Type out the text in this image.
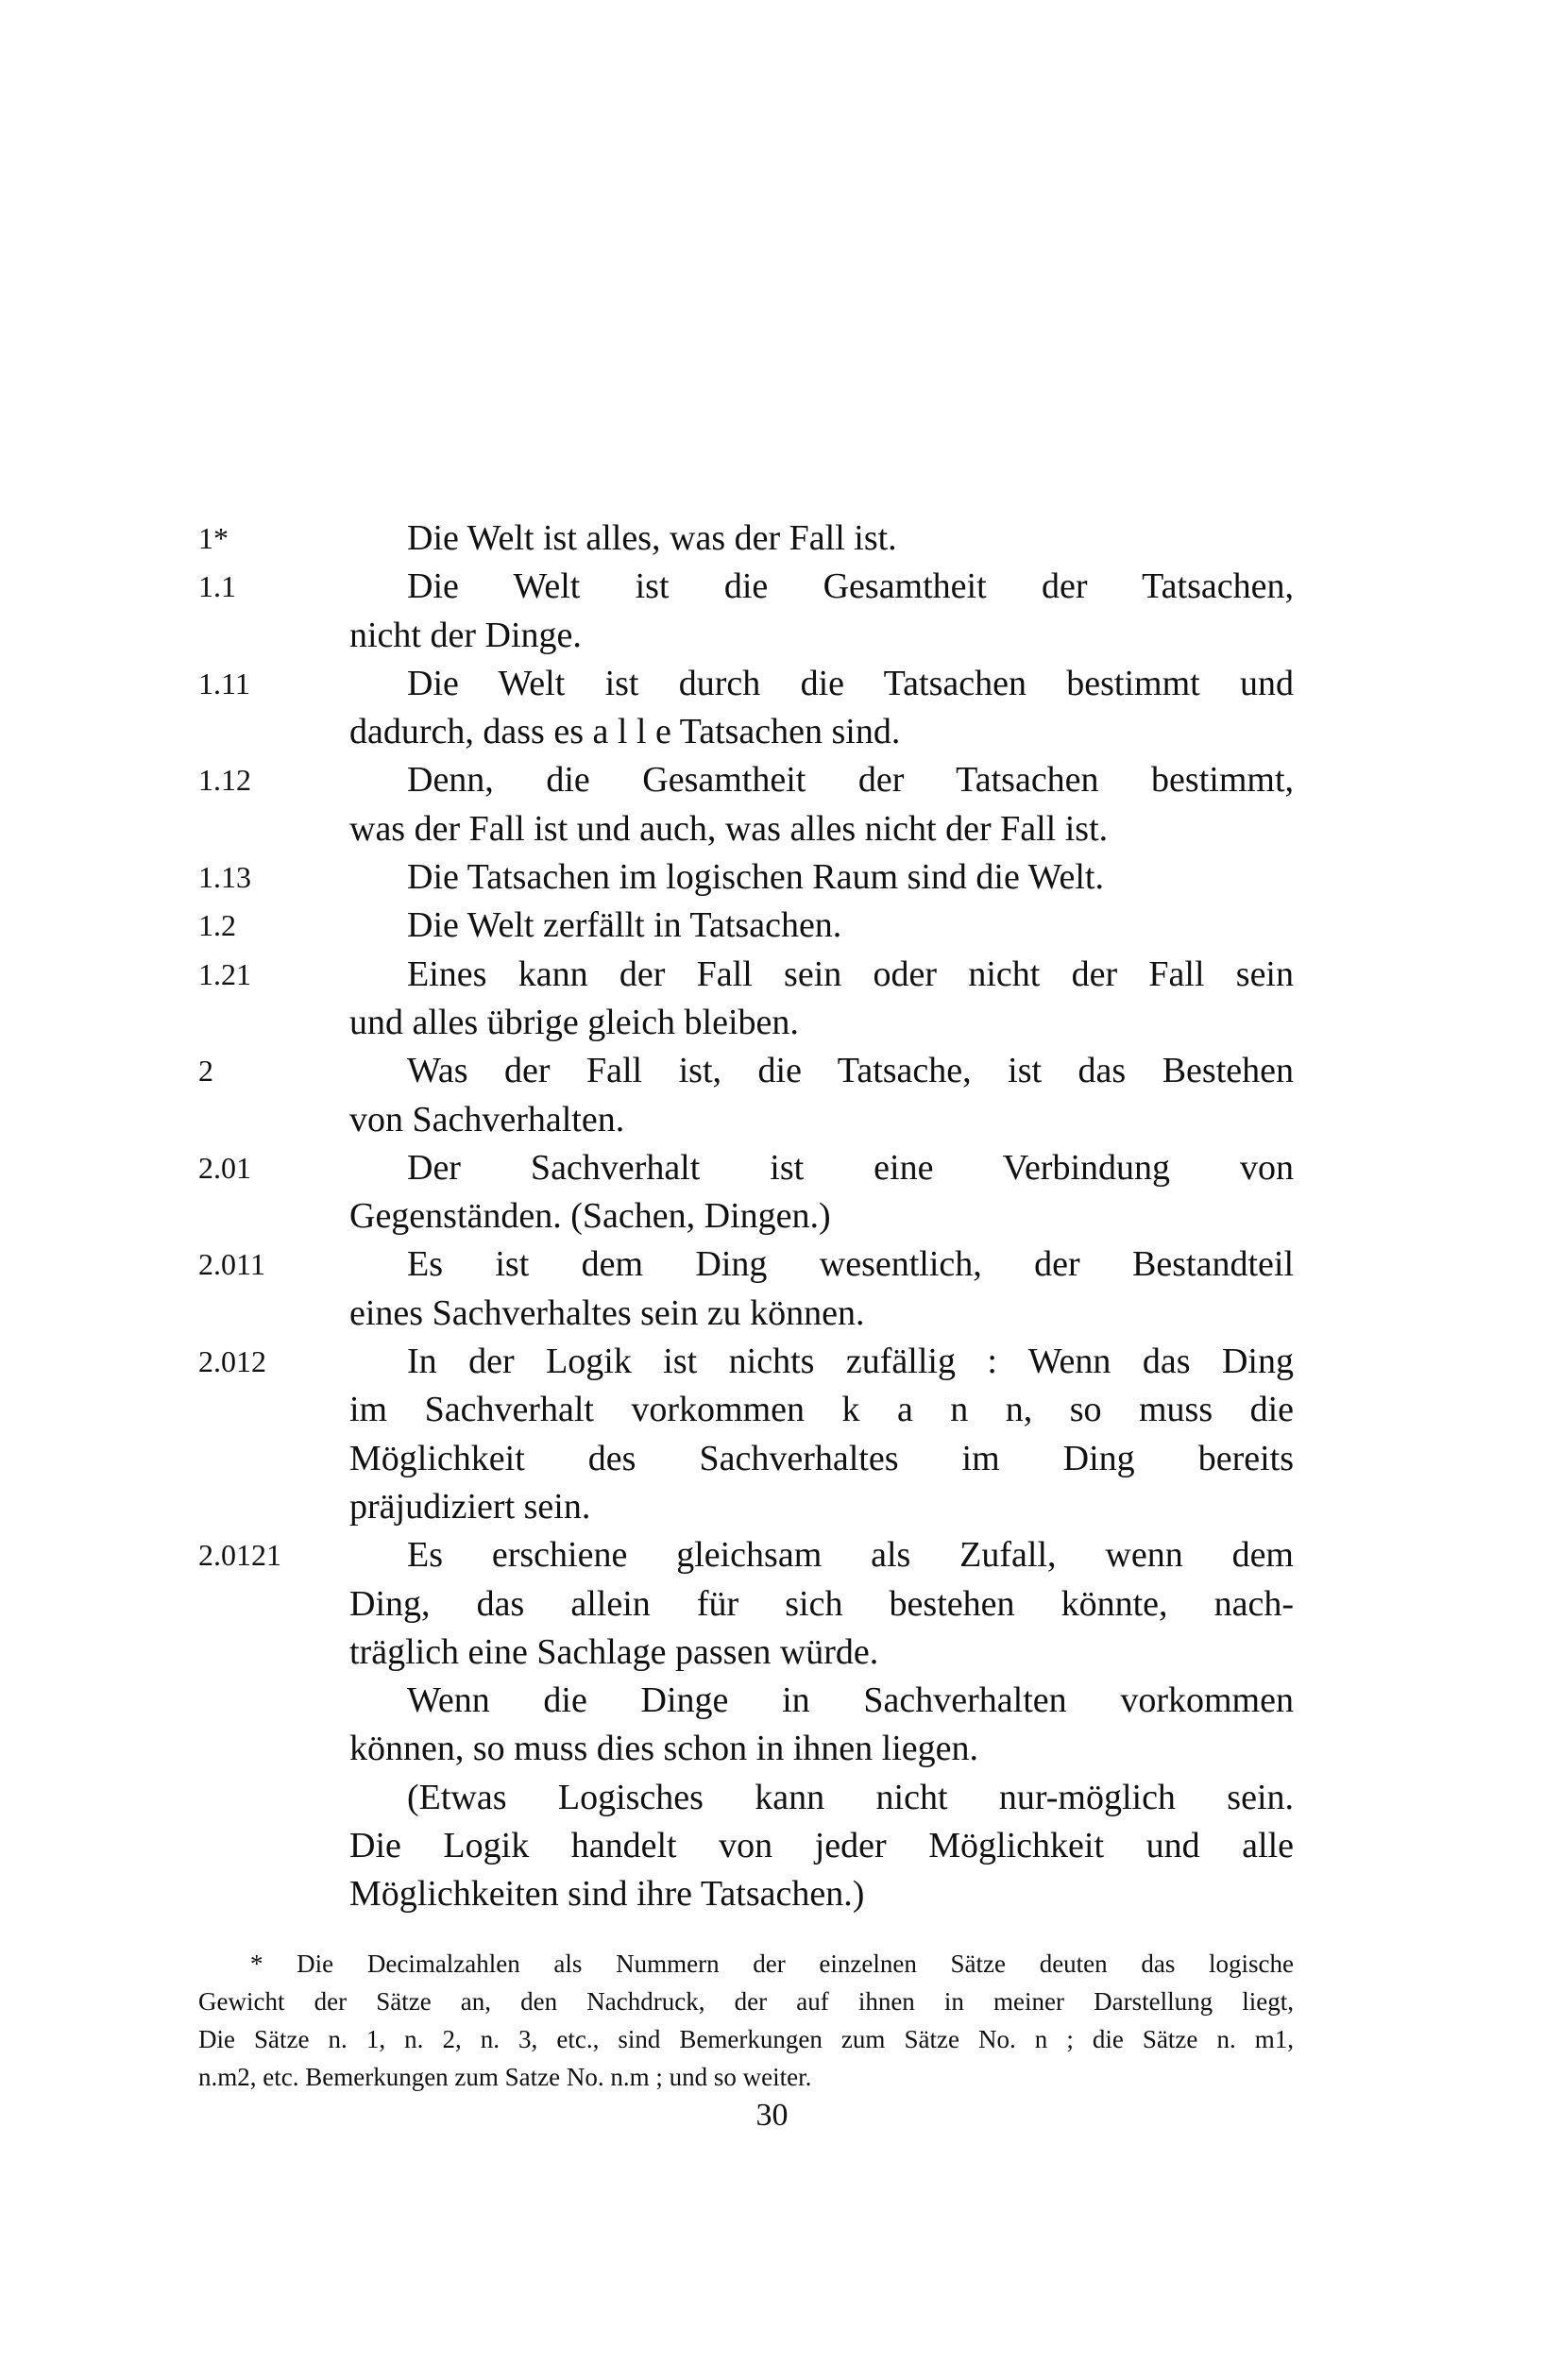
1*	Die Welt ist alles, was der Fall ist.
1.1	Die Welt ist die Gesamtheit der Tatsachen,
nicht der Dinge.
1.11	Die Welt ist durch die Tatsachen bestimmt und
dadurch, dass es a l l e Tatsachen sind.
1.12	Denn, die Gesamtheit der Tatsachen bestimmt,
was der Fall ist und auch, was alles nicht der Fall ist.
1.13	Die Tatsachen im logischen Raum sind die Welt.
1.2	Die Welt zerfällt in Tatsachen.
1.21	Eines kann der Fall sein oder nicht der Fall sein
und alles übrige gleich bleiben.
2	Was der Fall ist, die Tatsache, ist das Bestehen
von Sachverhalten.
2.01	Der Sachverhalt ist eine Verbindung von
Gegenständen. (Sachen, Dingen.)
2.011	Es ist dem Ding wesentlich, der Bestandteil
eines Sachverhaltes sein zu können.
2.012	In der Logik ist nichts zufällig : Wenn das Ding
im Sachverhalt vorkommen k a n n, so muss die
Möglichkeit des Sachverhaltes im Ding bereits
präjudiziert sein.
2.0121	Es erschiene gleichsam als Zufall, wenn dem
Ding, das allein für sich bestehen könnte, nach-
träglich eine Sachlage passen würde.
Wenn die Dinge in Sachverhalten vorkommen
können, so muss dies schon in ihnen liegen.
(Etwas Logisches kann nicht nur-möglich sein.
Die Logik handelt von jeder Möglichkeit und alle
Möglichkeiten sind ihre Tatsachen.)
* Die Decimalzahlen als Nummern der einzelnen Sätze deuten das logische
Gewicht der Sätze an, den Nachdruck, der auf ihnen in meiner Darstellung liegt,
Die Sätze n. 1, n. 2, n. 3, etc., sind Bemerkungen zum Sätze No. n ; die Sätze n. m1,
n.m2, etc. Bemerkungen zum Satze No. n.m ; und so weiter.
30
